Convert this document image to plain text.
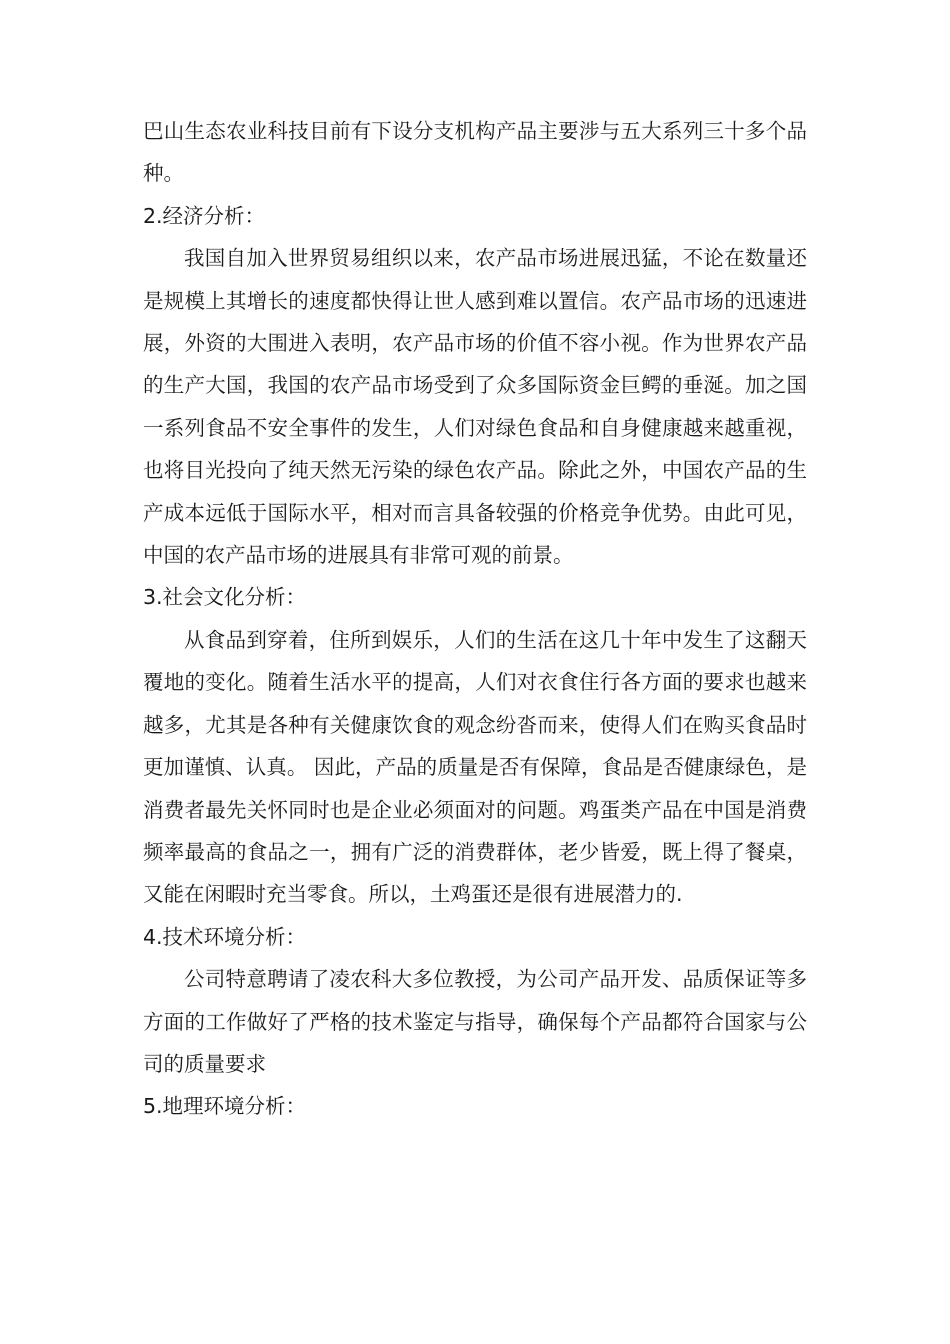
巴山生态农业科技目前有下设分支机构产品主要涉与五大系列三十多个品种。

2.经济分析：

我国自加入世界贸易组织以来，农产品市场进展迅猛，不论在数量还是规模上其增长的速度都快得让世人感到难以置信。农产品市场的迅速进展，外资的大围进入表明，农产品市场的价值不容小视。作为世界农产品的生产大国，我国的农产品市场受到了众多国际资金巨鳄的垂涎。加之国一系列食品不安全事件的发生，人们对绿色食品和自身健康越来越重视，也将目光投向了纯天然无污染的绿色农产品。除此之外，中国农产品的生产成本远低于国际水平，相对而言具备较强的价格竞争优势。由此可见，中国的农产品市场的进展具有非常可观的前景。

3.社会文化分析：

从食品到穿着，住所到娱乐，人们的生活在这几十年中发生了这翻天覆地的变化。随着生活水平的提高，人们对衣食住行各方面的要求也越来越多，尤其是各种有关健康饮食的观念纷沓而来，使得人们在购买食品时更加谨慎、认真。 因此，产品的质量是否有保障，食品是否健康绿色，是消费者最先关怀同时也是企业必须面对的问题。鸡蛋类产品在中国是消费频率最高的食品之一，拥有广泛的消费群体，老少皆爱，既上得了餐桌，又能在闲暇时充当零食。所以，土鸡蛋还是很有进展潜力的.

4.技术环境分析：

公司特意聘请了凌农科大多位教授，为公司产品开发、品质保证等多方面的工作做好了严格的技术鉴定与指导，确保每个产品都符合国家与公司的质量要求

5.地理环境分析：
